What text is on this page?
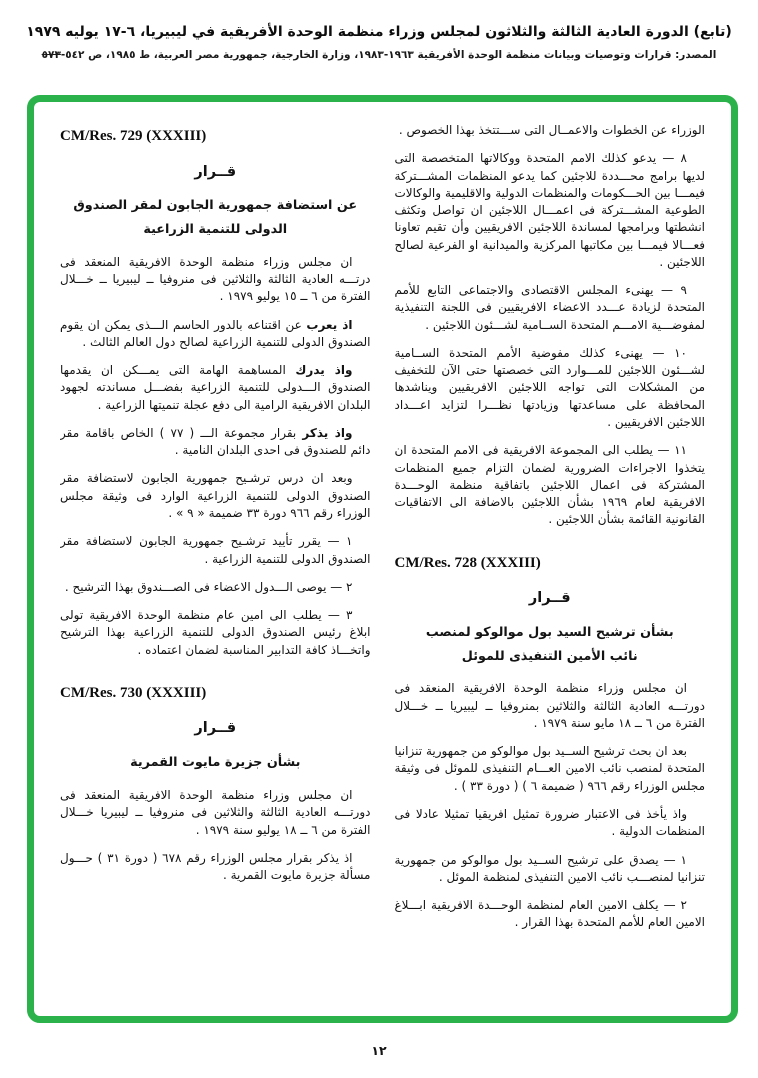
(تابع) الدورة العادية الثالثة والثلاثون لمجلس وزراء منظمة الوحدة الأفريقية في ليبيريا، ٦-١٧ يوليه ١٩٧٩
المصدر: قرارات وتوصيات وبيانات منظمة الوحدة الأفريقية ١٩٦٣-١٩٨٣، وزارة الخارجية، جمهورية مصر العربية، ط ١٩٨٥، ص ٥٤٢-٥٧٣

الوزراء عن الخطوات والاعمــال التى ســـتتخذ بهذا الخصوص .

٨ — يدعو كذلك الامم المتحدة ووكالاتها المتخصصة التى لديها برامج محـــددة للاجئين كما يدعو المنظمات المشـــتركة فيمـــا بين الحـــكومات والمنظمات الدولية والاقليمية والوكالات الطوعية المشـــتركة فى اعمـــال اللاجئين ان تواصل وتكثف انشطتها وبرامجها لمساندة اللاجئين الافريقيين وأن تقيم تعاونا فعـــالا فيمـــا بين مكاتبها المركزية والميدانية او الفرعية لصالح اللاجئين .

٩ — يهنىء المجلس الاقتصادى والاجتماعى التابع للأمم المتحدة لزيادة عـــدد الاعضاء الافريقيين فى اللجنة التنفيذية لمفوضـــية الامـــم المتحدة الســامية لشـــئون اللاجئين .

١٠ — يهنىء كذلك مفوضية الأمم المتحدة الســامية لشـــئون اللاجئين للمـــوارد التى خصصتها حتى الآن للتخفيف من المشكلات التى تواجه اللاجئين الافريقيين ويناشدها المحافظة على مساعدتها وزيادتها نظـــرا لتزايد اعـــداد اللاجئين الافريقيين .

١١ — يطلب الى المجموعة الافريقية فى الامم المتحدة ان يتخذوا الاجراءات الضرورية لضمان التزام جميع المنظمات المشتركة فى اعمال اللاجئين باتفاقية منظمة الوحـــدة الافريقية لعام ١٩٦٩ بشأن اللاجئين بالاضافة الى الاتفاقيات القانونية القائمة بشأن اللاجئين .

CM/Res. 728 (XXXIII)
قــرار
بشأن ترشيح السيد بول موالوكو لمنصب
نائب الأمين التنفيذى للموئل

ان مجلس وزراء منظمة الوحدة الافريقية المنعقد فى دورتـــه العادية الثالثة والثلاثين بمنروفيا ــ ليبيريا ــ خـــلال الفترة من ٦ ــ ١٨ مايو سنة ١٩٧٩ .

بعد ان بحث ترشيح الســيد بول موالوكو من جمهورية تنزانيا المتحدة لمنصب نائب الامين العـــام التنفيذى للموئل فى وثيقة مجلس الوزراء رقم ٩٦٦ ( ضميمة ٦ ) ( دورة ٣٣ ) .

واذ يأخذ فى الاعتبار ضرورة تمثيل افريقيا تمثيلا عادلا فى المنظمات الدولية .

١ — يصدق على ترشيح الســيد بول موالوكو من جمهورية تنزانيا لمنصـــب نائب الامين التنفيذى لمنظمة الموئل .

٢ — يكلف الامين العام لمنظمة الوحـــدة الافريقية ابـــلاغ الامين العام للأمم المتحدة بهذا القرار .

CM/Res. 729 (XXXIII)
قــرار
عن استضافة جمهورية الجابون لمقر الصندوق
الدولى للتنمية الزراعية

ان مجلس وزراء منظمة الوحدة الافريقية المنعقد فى درتـــه العادية الثالثة والثلاثين فى منروفيا ــ ليبيريا ــ خـــلال الفترة من ٦ ــ ١٥ يوليو ١٩٧٩ .

اذ يعرب عن اقتناعه بالدور الحاسم الـــذى يمكن ان يقوم الصندوق الدولى للتنمية الزراعية لصالح دول العالم الثالث .

واذ يدرك المساهمة الهامة التى يمـــكن ان يقدمها الصندوق الـــدولى للتنمية الزراعية بفضـــل مساندته لجهود البلدان الافريقية الرامية الى دفع عجلة تنميتها الزراعية .

واذ يذكر بقرار مجموعة الـــ ( ٧٧ ) الخاص باقامة مقر دائم للصندوق فى احدى البلدان النامية .

وبعد ان درس ترشـيح جمهورية الجابون لاستضافة مقر الصندوق الدولى للتنمية الزراعية الوارد فى وثيقة مجلس الوزراء رقم ٩٦٦ دورة ٣٣ ضميمة « ٩ » .

١ — يقرر تأييد ترشـيح جمهورية الجابون لاستضافة مقر الصندوق الدولى للتنمية الزراعية .

٢ — يوصى الـــدول الاعضاء فى الصـــندوق بهذا الترشيح .

٣ — يطلب الى امين عام منظمة الوحدة الافريقية تولى ابلاغ رئيس الصندوق الدولى للتنمية الزراعية بهذا الترشيح واتخـــاذ كافة التدابير المناسبة لضمان اعتماده .

CM/Res. 730 (XXXIII)
قــرار
بشأن جزيرة مايوت القمرية

ان مجلس وزراء منظمة الوحدة الافريقية المنعقد فى دورتـــه العادية الثالثة والثلاثين فى منروفيا ــ ليبيريا خـــلال الفترة من ٦ ــ ١٨ يوليو سنة ١٩٧٩ .

اذ يذكر بقرار مجلس الوزراء رقم ٦٧٨ ( دورة ٣١ ) حـــول مسألة جزيرة مايوت القمرية .

١٢
